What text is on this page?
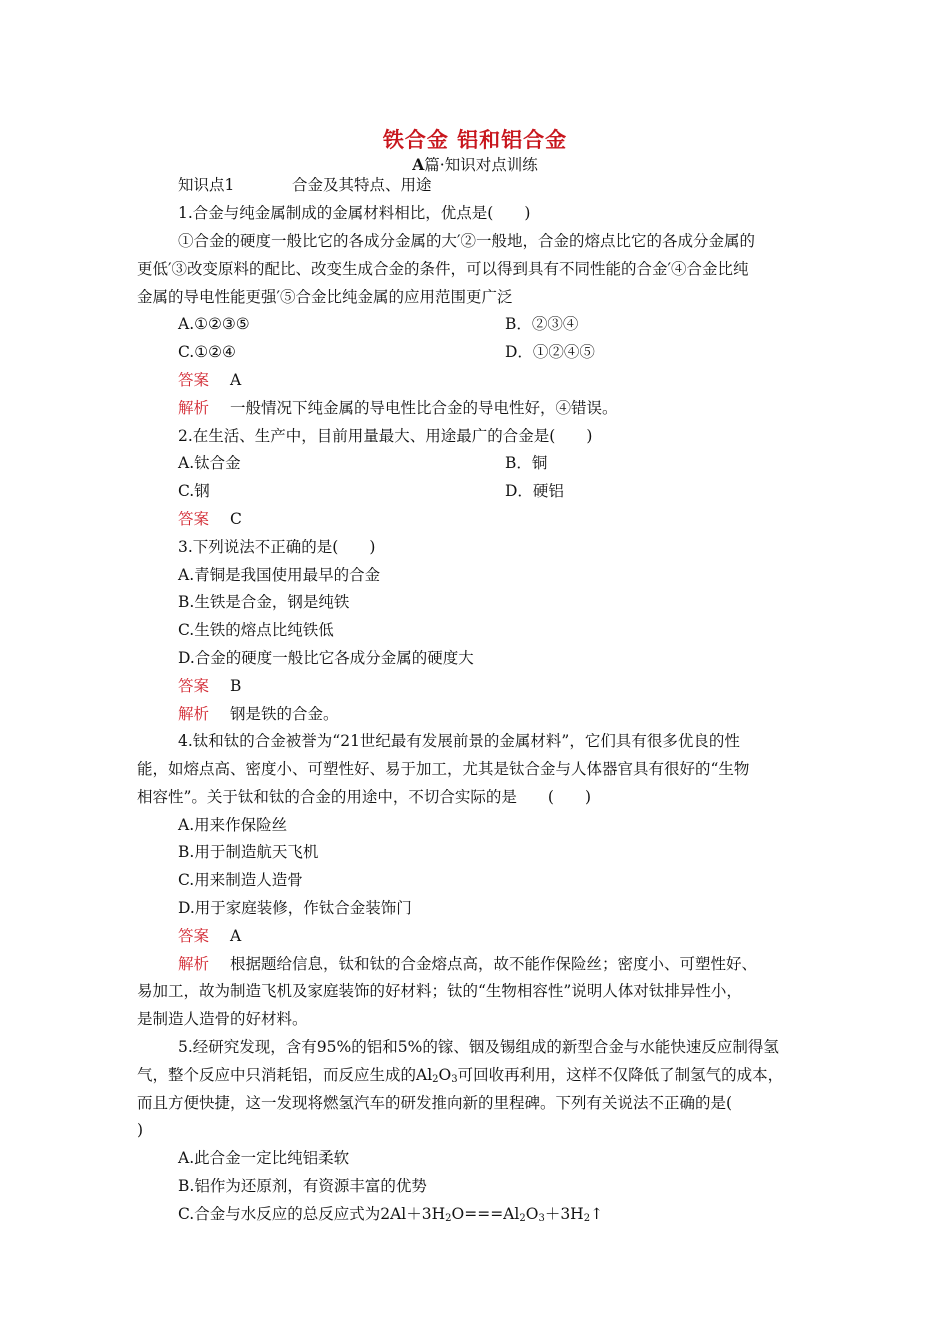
铁合金 铝和铝合金
A篇·知识对点训练
知识点1	合金及其特点、用途
1.合金与纯金属制成的金属材料相比，优点是(　　)
①合金的硬度一般比它的各成分金属的大′②一般地，合金的熔点比它的各成分金属的
更低′③改变原料的配比、改变生成合金的条件，可以得到具有不同性能的合金′④合金比纯
金属的导电性能更强′⑤合金比纯金属的应用范围更广泛
A.①②③⑤	B．②③④
C.①②④	D．①②④⑤
答案 A
解析 一般情况下纯金属的导电性比合金的导电性好，④错误。
2.在生活、生产中，目前用量最大、用途最广的合金是(　　)
A.钛合金	B．铜
C.钢	D．硬铝
答案 C
3.下列说法不正确的是(　　)
A.青铜是我国使用最早的合金
B.生铁是合金，钢是纯铁
C.生铁的熔点比纯铁低
D.合金的硬度一般比它各成分金属的硬度大
答案 B
解析 钢是铁的合金。
4.钛和钛的合金被誉为“21世纪最有发展前景的金属材料”，它们具有很多优良的性
能，如熔点高、密度小、可塑性好、易于加工，尤其是钛合金与人体器官具有很好的“生物
相容性”。关于钛和钛的合金的用途中，不切合实际的是　　(　　)
A.用来作保险丝
B.用于制造航天飞机
C.用来制造人造骨
D.用于家庭装修，作钛合金装饰门
答案 A
解析 根据题给信息，钛和钛的合金熔点高，故不能作保险丝；密度小、可塑性好、
易加工，故为制造飞机及家庭装饰的好材料；钛的“生物相容性”说明人体对钛排异性小，
是制造人造骨的好材料。
5.经研究发现，含有95%的铝和5%的镓、铟及锡组成的新型合金与水能快速反应制得氢
气，整个反应中只消耗铝，而反应生成的$Al_2O_3$可回收再利用，这样不仅降低了制氢气的成本，
而且方便快捷，这一发现将燃氢汽车的研发推向新的里程碑。下列有关说法不正确的是(
)
A.此合金一定比纯铝柔软
B.铝作为还原剂，有资源丰富的优势
C.合金与水反应的总反应式为$2Al+3H_2O===Al_2O_3+3H_2↑$
